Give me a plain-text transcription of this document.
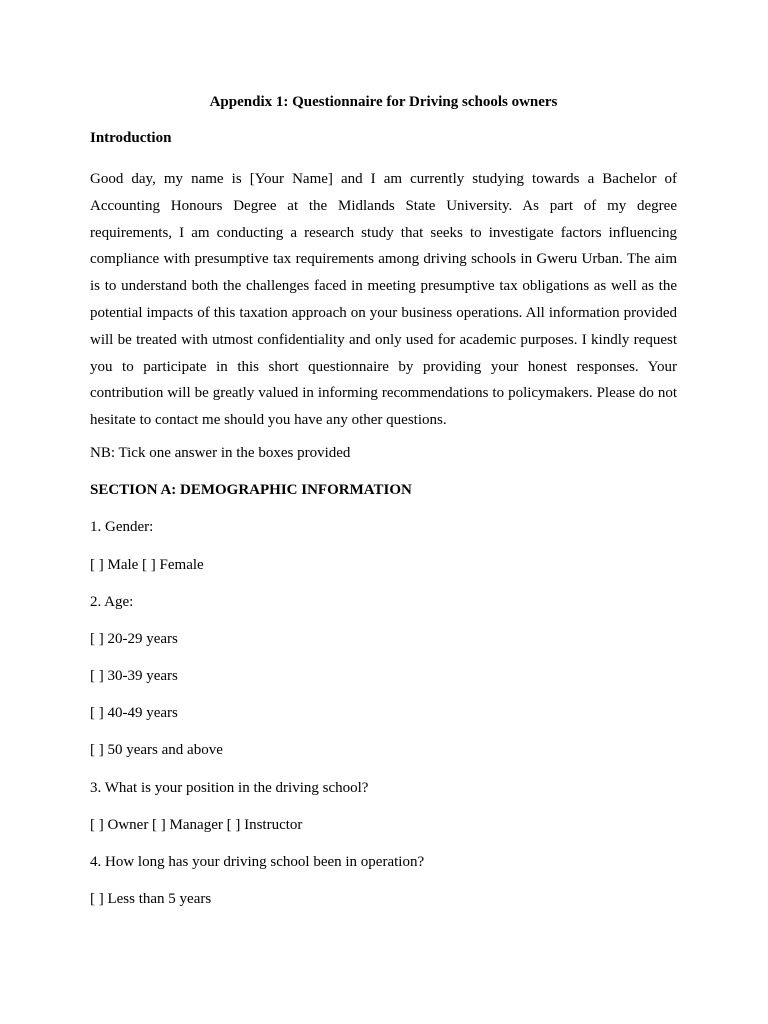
Appendix 1: Questionnaire for Driving schools owners

Introduction

Good day, my name is [Your Name] and I am currently studying towards a Bachelor of Accounting Honours Degree at the Midlands State University. As part of my degree requirements, I am conducting a research study that seeks to investigate factors influencing compliance with presumptive tax requirements among driving schools in Gweru Urban. The aim is to understand both the challenges faced in meeting presumptive tax obligations as well as the potential impacts of this taxation approach on your business operations. All information provided will be treated with utmost confidentiality and only used for academic purposes. I kindly request you to participate in this short questionnaire by providing your honest responses. Your contribution will be greatly valued in informing recommendations to policymakers. Please do not hesitate to contact me should you have any other questions.

NB: Tick one answer in the boxes provided

SECTION A: DEMOGRAPHIC INFORMATION

1. Gender:

[ ] Male [ ] Female

2. Age:

[ ] 20-29 years

[ ] 30-39 years

[ ] 40-49 years

[ ] 50 years and above

3. What is your position in the driving school?

[ ] Owner [ ] Manager [ ] Instructor

4. How long has your driving school been in operation?

[ ] Less than 5 years
